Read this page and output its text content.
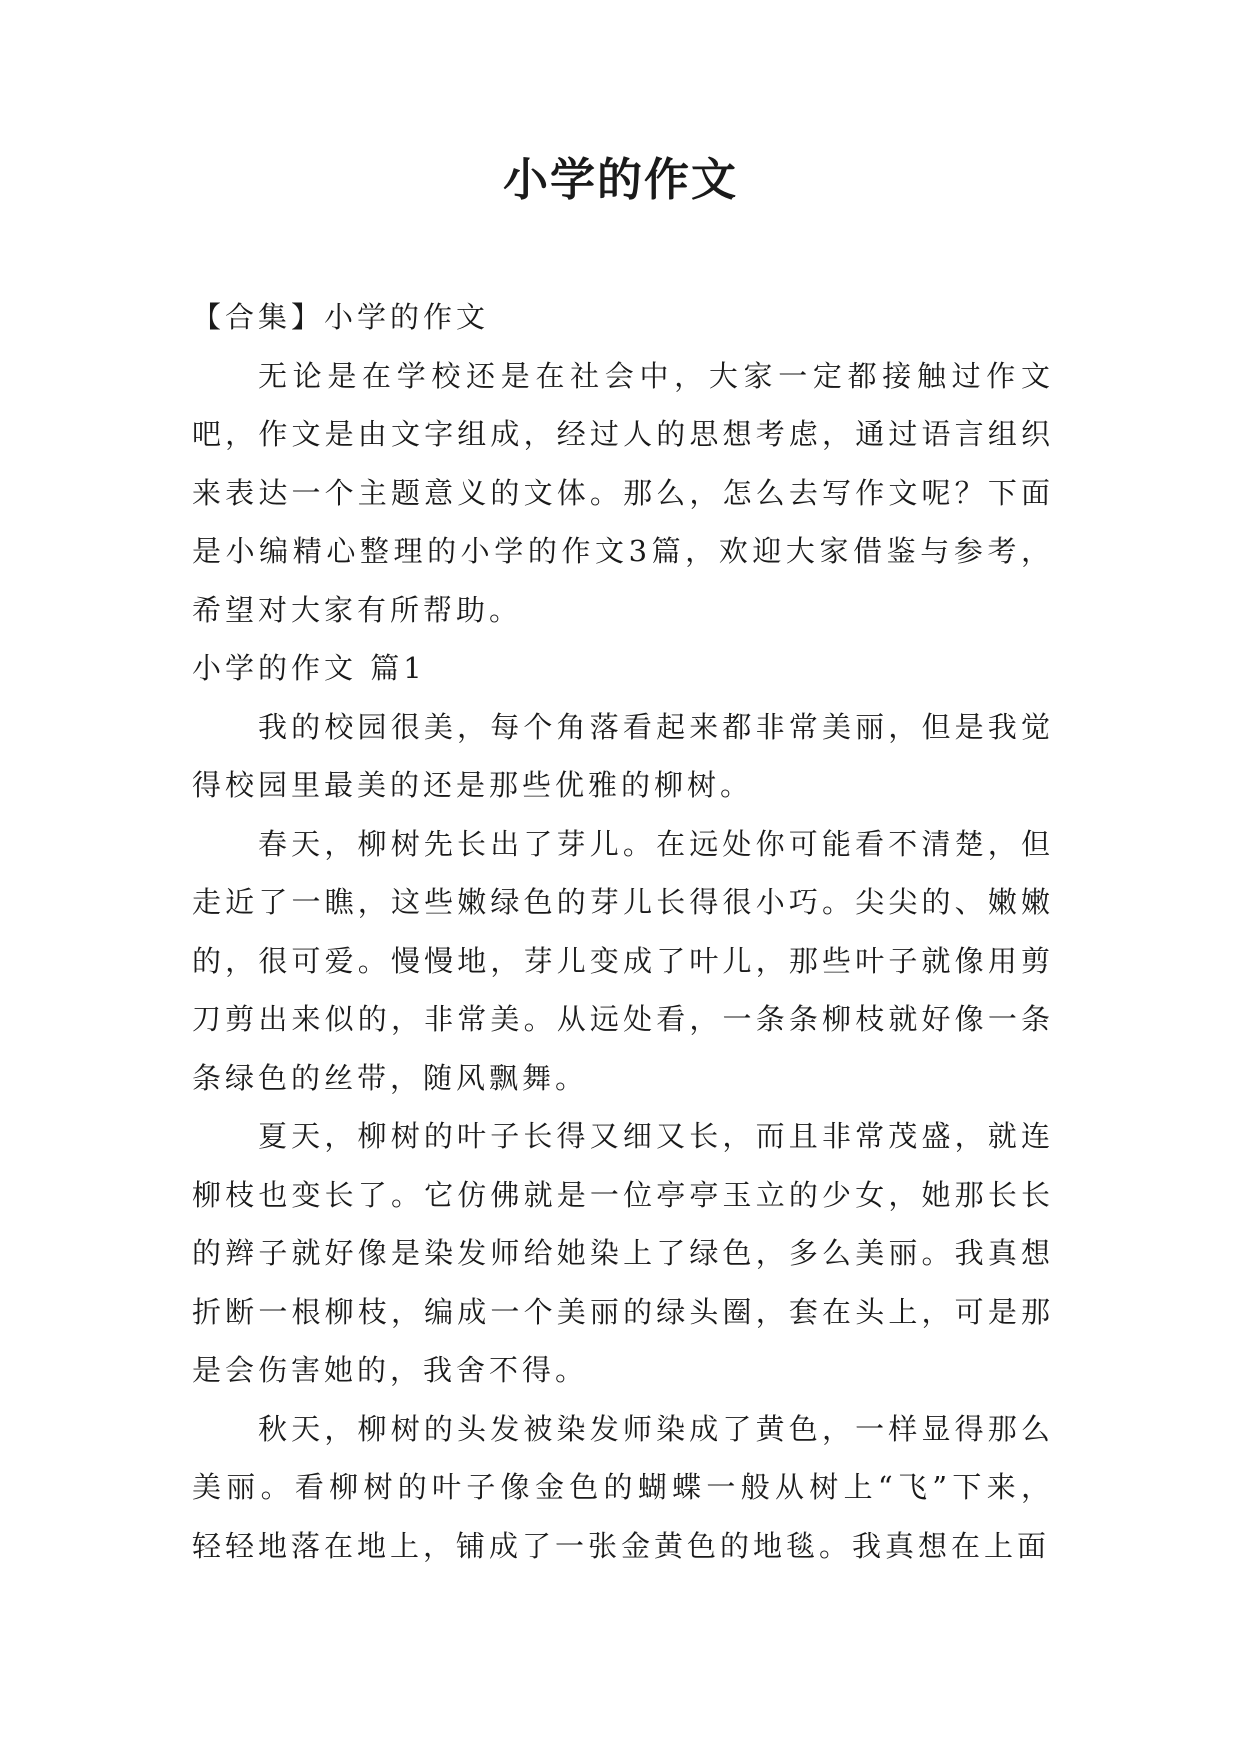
小学的作文

【合集】小学的作文

无论是在学校还是在社会中，大家一定都接触过作文吧，作文是由文字组成，经过人的思想考虑，通过语言组织来表达一个主题意义的文体。那么，怎么去写作文呢？下面是小编精心整理的小学的作文3篇，欢迎大家借鉴与参考，希望对大家有所帮助。

小学的作文 篇1

我的校园很美，每个角落看起来都非常美丽，但是我觉得校园里最美的还是那些优雅的柳树。

春天，柳树先长出了芽儿。在远处你可能看不清楚，但走近了一瞧，这些嫩绿色的芽儿长得很小巧。尖尖的、嫩嫩的，很可爱。慢慢地，芽儿变成了叶儿，那些叶子就像用剪刀剪出来似的，非常美。从远处看，一条条柳枝就好像一条条绿色的丝带，随风飘舞。

夏天，柳树的叶子长得又细又长，而且非常茂盛，就连柳枝也变长了。它仿佛就是一位亭亭玉立的少女，她那长长的辫子就好像是染发师给她染上了绿色，多么美丽。我真想折断一根柳枝，编成一个美丽的绿头圈，套在头上，可是那是会伤害她的，我舍不得。

秋天，柳树的头发被染发师染成了黄色，一样显得那么美丽。看柳树的叶子像金色的蝴蝶一般从树上“飞”下来，轻轻地落在地上，铺成了一张金黄色的地毯。我真想在上面
